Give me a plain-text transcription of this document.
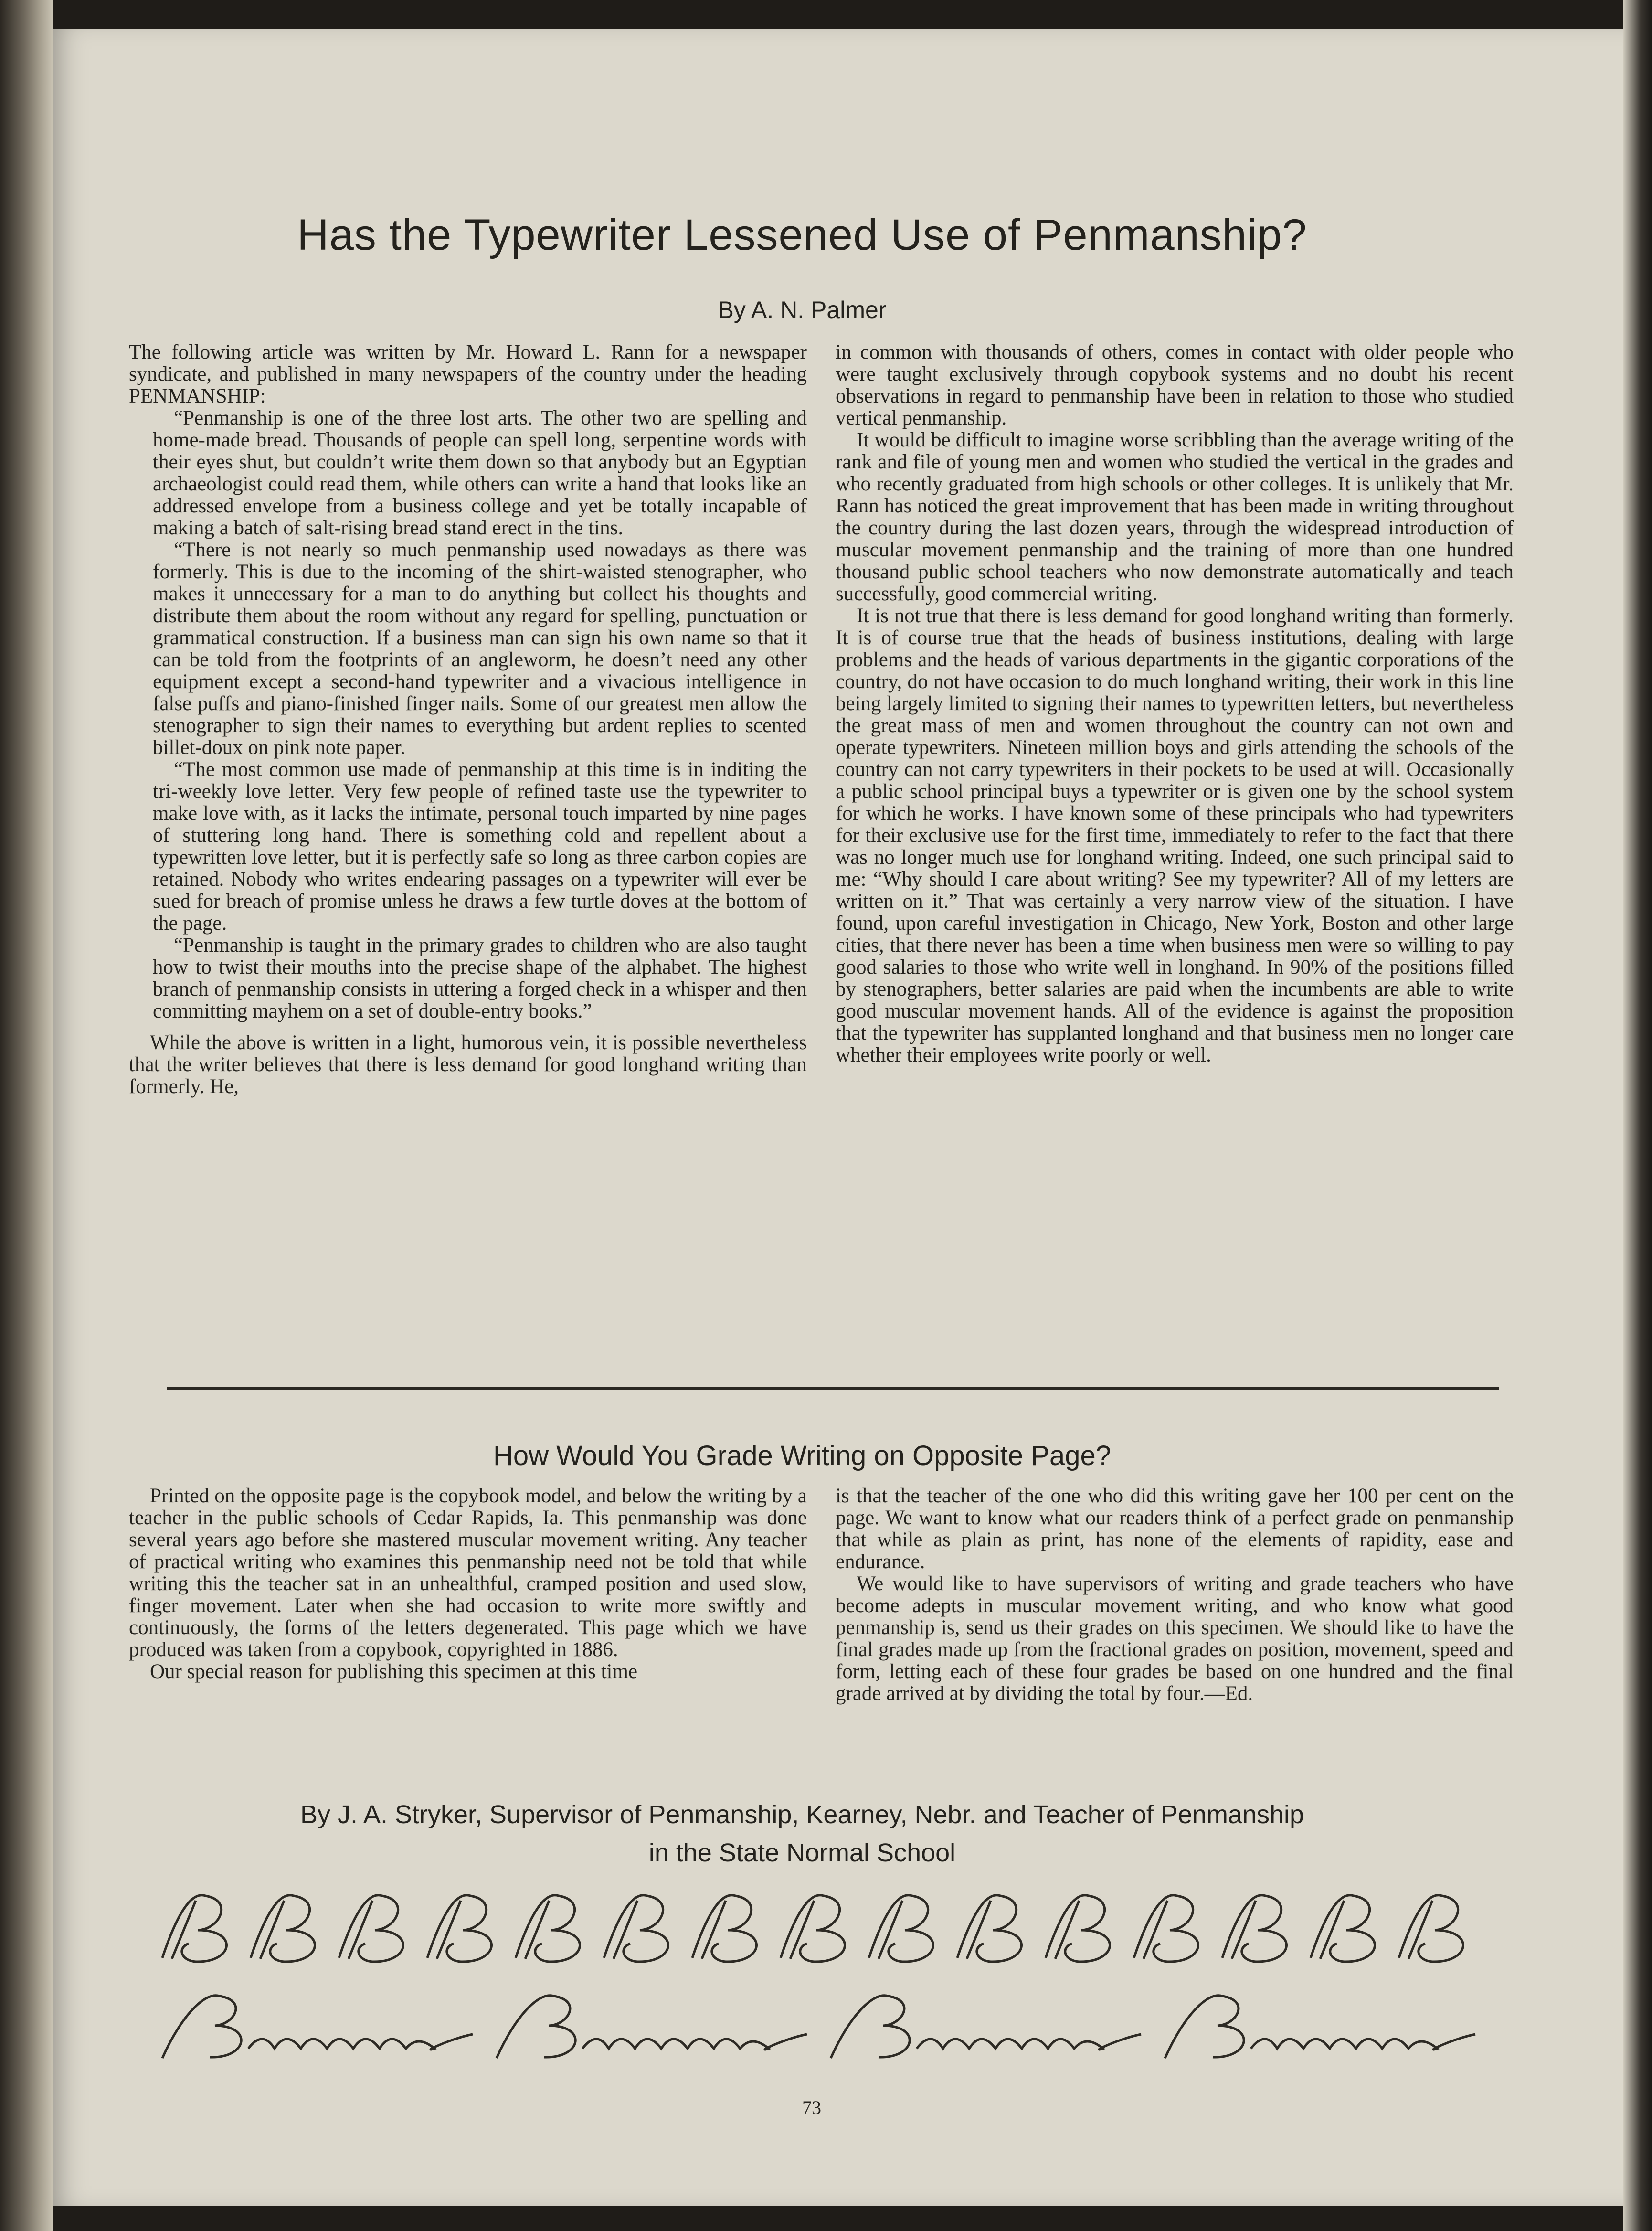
Has the Typewriter Lessened Use of Penmanship?
By A. N. Palmer

The following article was written by Mr. Howard L. Rann for a newspaper syndicate, and published in many newspapers of the country under the heading PENMANSHIP:

“Penmanship is one of the three lost arts. The other two are spelling and home-made bread. Thousands of people can spell long, serpentine words with their eyes shut, but couldn’t write them down so that anybody but an Egyptian archaeologist could read them, while others can write a hand that looks like an addressed envelope from a business college and yet be totally incapable of making a batch of salt-rising bread stand erect in the tins.

“There is not nearly so much penmanship used nowadays as there was formerly. This is due to the incoming of the shirt-waisted stenographer, who makes it unnecessary for a man to do anything but collect his thoughts and distribute them about the room without any regard for spelling, punctuation or grammatical construction. If a business man can sign his own name so that it can be told from the footprints of an angleworm, he doesn’t need any other equipment except a second-hand typewriter and a vivacious intelligence in false puffs and piano-finished finger nails. Some of our greatest men allow the stenographer to sign their names to everything but ardent replies to scented billet-doux on pink note paper.

“The most common use made of penmanship at this time is in inditing the tri-weekly love letter. Very few people of refined taste use the typewriter to make love with, as it lacks the intimate, personal touch imparted by nine pages of stuttering long hand. There is something cold and repellent about a typewritten love letter, but it is perfectly safe so long as three carbon copies are retained. Nobody who writes endearing passages on a typewriter will ever be sued for breach of promise unless he draws a few turtle doves at the bottom of the page.

“Penmanship is taught in the primary grades to children who are also taught how to twist their mouths into the precise shape of the alphabet. The highest branch of penmanship consists in uttering a forged check in a whisper and then committing mayhem on a set of double-entry books.”

While the above is written in a light, humorous vein, it is possible nevertheless that the writer believes that there is less demand for good longhand writing than formerly. He,

in common with thousands of others, comes in contact with older people who were taught exclusively through copybook systems and no doubt his recent observations in regard to penmanship have been in relation to those who studied vertical penmanship.

It would be difficult to imagine worse scribbling than the average writing of the rank and file of young men and women who studied the vertical in the grades and who recently graduated from high schools or other colleges. It is unlikely that Mr. Rann has noticed the great improvement that has been made in writing throughout the country during the last dozen years, through the widespread introduction of muscular movement penmanship and the training of more than one hundred thousand public school teachers who now demonstrate automatically and teach successfully, good commercial writing.

It is not true that there is less demand for good longhand writing than formerly. It is of course true that the heads of business institutions, dealing with large problems and the heads of various departments in the gigantic corporations of the country, do not have occasion to do much longhand writing, their work in this line being largely limited to signing their names to typewritten letters, but nevertheless the great mass of men and women throughout the country can not own and operate typewriters. Nineteen million boys and girls attending the schools of the country can not carry typewriters in their pockets to be used at will. Occasionally a public school principal buys a typewriter or is given one by the school system for which he works. I have known some of these principals who had typewriters for their exclusive use for the first time, immediately to refer to the fact that there was no longer much use for longhand writing. Indeed, one such principal said to me: “Why should I care about writing? See my typewriter? All of my letters are written on it.” That was certainly a very narrow view of the situation. I have found, upon careful investigation in Chicago, New York, Boston and other large cities, that there never has been a time when business men were so willing to pay good salaries to those who write well in longhand. In 90% of the positions filled by stenographers, better salaries are paid when the incumbents are able to write good muscular movement hands. All of the evidence is against the proposition that the typewriter has supplanted longhand and that business men no longer care whether their employees write poorly or well.

How Would You Grade Writing on Opposite Page?

Printed on the opposite page is the copybook model, and below the writing by a teacher in the public schools of Cedar Rapids, Ia. This penmanship was done several years ago before she mastered muscular movement writing. Any teacher of practical writing who examines this penmanship need not be told that while writing this the teacher sat in an unhealthful, cramped position and used slow, finger movement. Later when she had occasion to write more swiftly and continuously, the forms of the letters degenerated. This page which we have produced was taken from a copybook, copyrighted in 1886.

Our special reason for publishing this specimen at this time

is that the teacher of the one who did this writing gave her 100 per cent on the page. We want to know what our readers think of a perfect grade on penmanship that while as plain as print, has none of the elements of rapidity, ease and endurance.

We would like to have supervisors of writing and grade teachers who have become adepts in muscular movement writing, and who know what good penmanship is, send us their grades on this specimen. We should like to have the final grades made up from the fractional grades on position, movement, speed and form, letting each of these four grades be based on one hundred and the final grade arrived at by dividing the total by four.—Ed.

By J. A. Stryker, Supervisor of Penmanship, Kearney, Nebr. and Teacher of Penmanship
in the State Normal School
73
